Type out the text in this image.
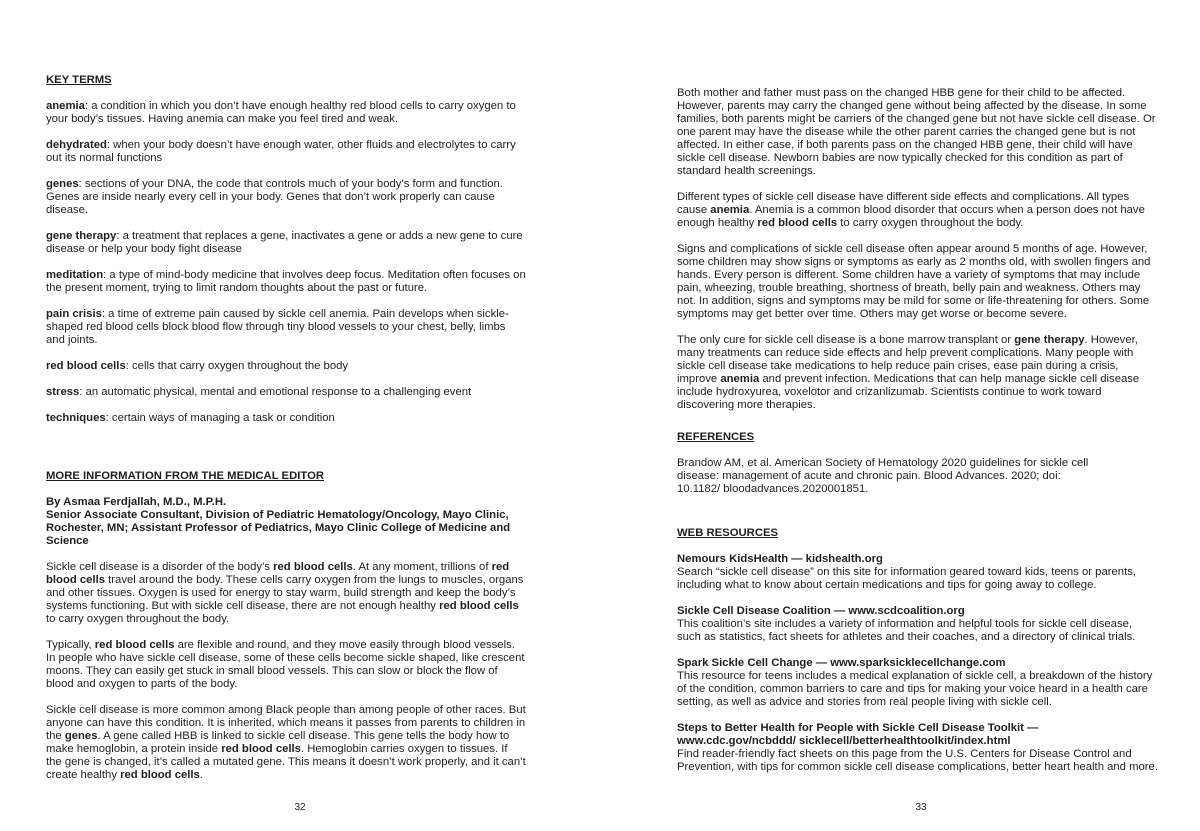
KEY TERMS

anemia: a condition in which you don’t have enough healthy red blood cells to carry oxygen to your body’s tissues. Having anemia can make you feel tired and weak.

dehydrated: when your body doesn’t have enough water, other fluids and electrolytes to carry out its normal functions

genes: sections of your DNA, the code that controls much of your body’s form and function. Genes are inside nearly every cell in your body. Genes that don’t work properly can cause disease.

gene therapy: a treatment that replaces a gene, inactivates a gene or adds a new gene to cure disease or help your body fight disease

meditation: a type of mind-body medicine that involves deep focus. Meditation often focuses on the present moment, trying to limit random thoughts about the past or future.

pain crisis: a time of extreme pain caused by sickle cell anemia. Pain develops when sickle-shaped red blood cells block blood flow through tiny blood vessels to your chest, belly, limbs and joints.

red blood cells: cells that carry oxygen throughout the body

stress: an automatic physical, mental and emotional response to a challenging event

techniques: certain ways of managing a task or condition

MORE INFORMATION FROM THE MEDICAL EDITOR

By Asmaa Ferdjallah, M.D., M.P.H.

Senior Associate Consultant, Division of Pediatric Hematology/Oncology, Mayo Clinic, Rochester, MN; Assistant Professor of Pediatrics, Mayo Clinic College of Medicine and Science

Sickle cell disease is a disorder of the body’s red blood cells. At any moment, trillions of red blood cells travel around the body. These cells carry oxygen from the lungs to muscles, organs and other tissues. Oxygen is used for energy to stay warm, build strength and keep the body’s systems functioning. But with sickle cell disease, there are not enough healthy red blood cells to carry oxygen throughout the body.

Typically, red blood cells are flexible and round, and they move easily through blood vessels. In people who have sickle cell disease, some of these cells become sickle shaped, like crescent moons. They can easily get stuck in small blood vessels. This can slow or block the flow of blood and oxygen to parts of the body.

Sickle cell disease is more common among Black people than among people of other races. But anyone can have this condition. It is inherited, which means it passes from parents to children in the genes. A gene called HBB is linked to sickle cell disease. This gene tells the body how to make hemoglobin, a protein inside red blood cells. Hemoglobin carries oxygen to tissues. If the gene is changed, it’s called a mutated gene. This means it doesn’t work properly, and it can’t create healthy red blood cells.

32

Both mother and father must pass on the changed HBB gene for their child to be affected. However, parents may carry the changed gene without being affected by the disease. In some families, both parents might be carriers of the changed gene but not have sickle cell disease. Or one parent may have the disease while the other parent carries the changed gene but is not affected. In either case, if both parents pass on the changed HBB gene, their child will have sickle cell disease. Newborn babies are now typically checked for this condition as part of standard health screenings.

Different types of sickle cell disease have different side effects and complications. All types cause anemia. Anemia is a common blood disorder that occurs when a person does not have enough healthy red blood cells to carry oxygen throughout the body.

Signs and complications of sickle cell disease often appear around 5 months of age. However, some children may show signs or symptoms as early as 2 months old, with swollen fingers and hands. Every person is different. Some children have a variety of symptoms that may include pain, wheezing, trouble breathing, shortness of breath, belly pain and weakness. Others may not. In addition, signs and symptoms may be mild for some or life-threatening for others. Some symptoms may get better over time. Others may get worse or become severe.

The only cure for sickle cell disease is a bone marrow transplant or gene therapy. However, many treatments can reduce side effects and help prevent complications. Many people with sickle cell disease take medications to help reduce pain crises, ease pain during a crisis, improve anemia and prevent infection. Medications that can help manage sickle cell disease include hydroxyurea, voxelotor and crizanlizumab. Scientists continue to work toward discovering more therapies.

REFERENCES

Brandow AM, et al. American Society of Hematology 2020 guidelines for sickle cell disease: management of acute and chronic pain. Blood Advances. 2020; doi: 10.1182/ bloodadvances.2020001851.

WEB RESOURCES

Nemours KidsHealth — kidshealth.org
Search “sickle cell disease” on this site for information geared toward kids, teens or parents, including what to know about certain medications and tips for going away to college.

Sickle Cell Disease Coalition — www.scdcoalition.org
This coalition’s site includes a variety of information and helpful tools for sickle cell disease, such as statistics, fact sheets for athletes and their coaches, and a directory of clinical trials.

Spark Sickle Cell Change — www.sparksicklecellchange.com
This resource for teens includes a medical explanation of sickle cell, a breakdown of the history of the condition, common barriers to care and tips for making your voice heard in a health care setting, as well as advice and stories from real people living with sickle cell.

Steps to Better Health for People with Sickle Cell Disease Toolkit — www.cdc.gov/ncbddd/ sicklecell/betterhealthtoolkit/index.html
Find reader-friendly fact sheets on this page from the U.S. Centers for Disease Control and Prevention, with tips for common sickle cell disease complications, better heart health and more.

33
